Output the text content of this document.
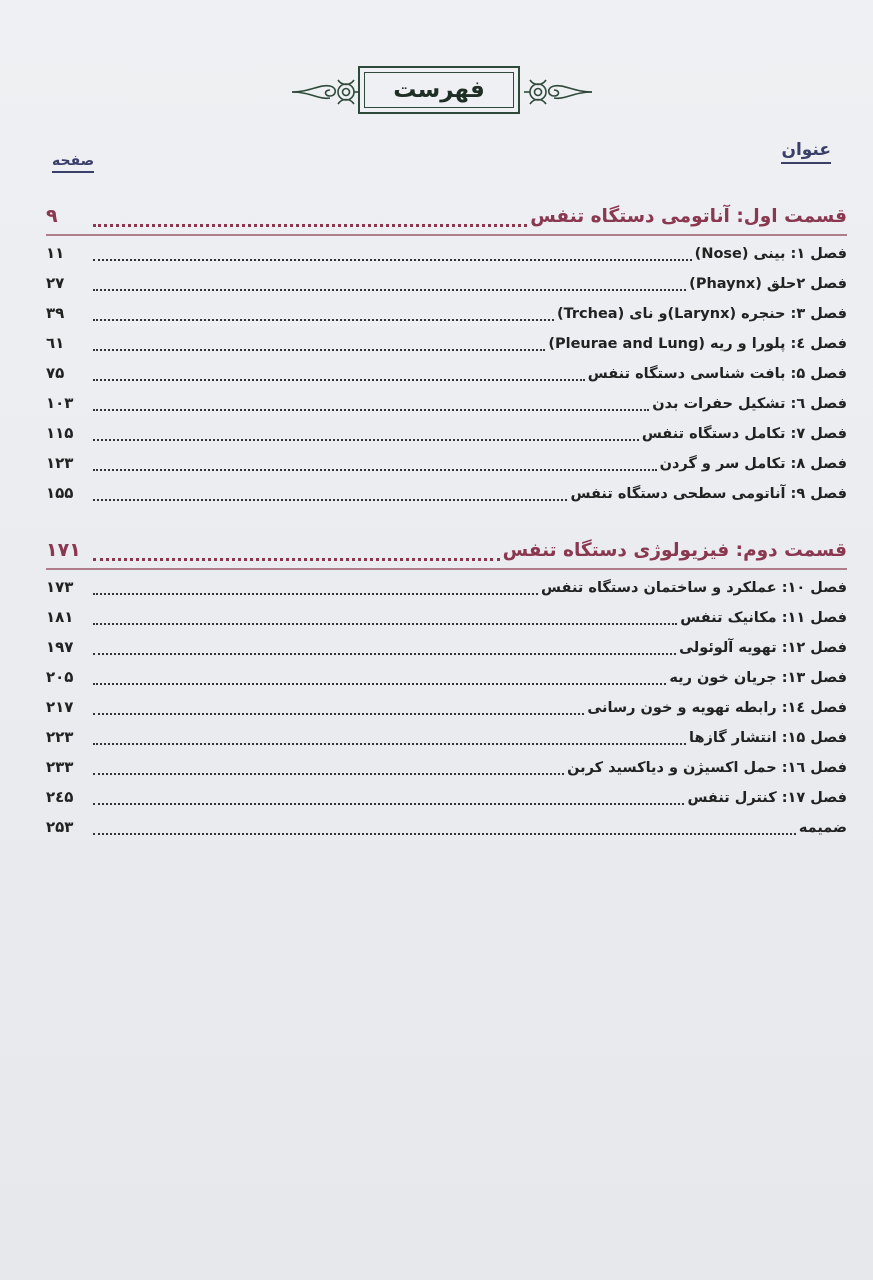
فهرست
عنوان
صفحه
قسمت اول: آناتومی دستگاه تنفس
۹
فصل ۱: بینی (Nose)
۱۱
فصل ۲حلق (Phaynx)
۲۷
فصل ۳: حنجره (Larynx)و نای (Trchea)
۳۹
فصل ٤: پلورا و ریه (Pleurae and Lung)
٦۱
فصل ۵: بافت شناسی دستگاه تنفس
۷۵
فصل ٦: تشکیل حفرات بدن
۱۰۳
فصل ۷: تکامل دستگاه تنفس
۱۱۵
فصل ۸: تکامل سر و گردن
۱۲۳
فصل ۹: آناتومی سطحی دستگاه تنفس
۱۵۵
قسمت دوم: فیزیولوژی دستگاه تنفس
۱۷۱
فصل ۱۰: عملکرد و ساختمان دستگاه تنفس
۱۷۳
فصل ۱۱: مکانیک تنفس
۱۸۱
فصل ۱۲: تهویه آلوئولی
۱۹۷
فصل ۱۳: جریان خون ریه
۲۰۵
فصل ۱٤: رابطه تهویه و خون رسانی
۲۱۷
فصل ۱۵: انتشار گازها
۲۲۳
فصل ۱٦: حمل اکسیژن و دیاکسید کربن
۲۳۳
فصل ۱۷: کنترل تنفس
۲٤۵
ضمیمه
۲۵۳
